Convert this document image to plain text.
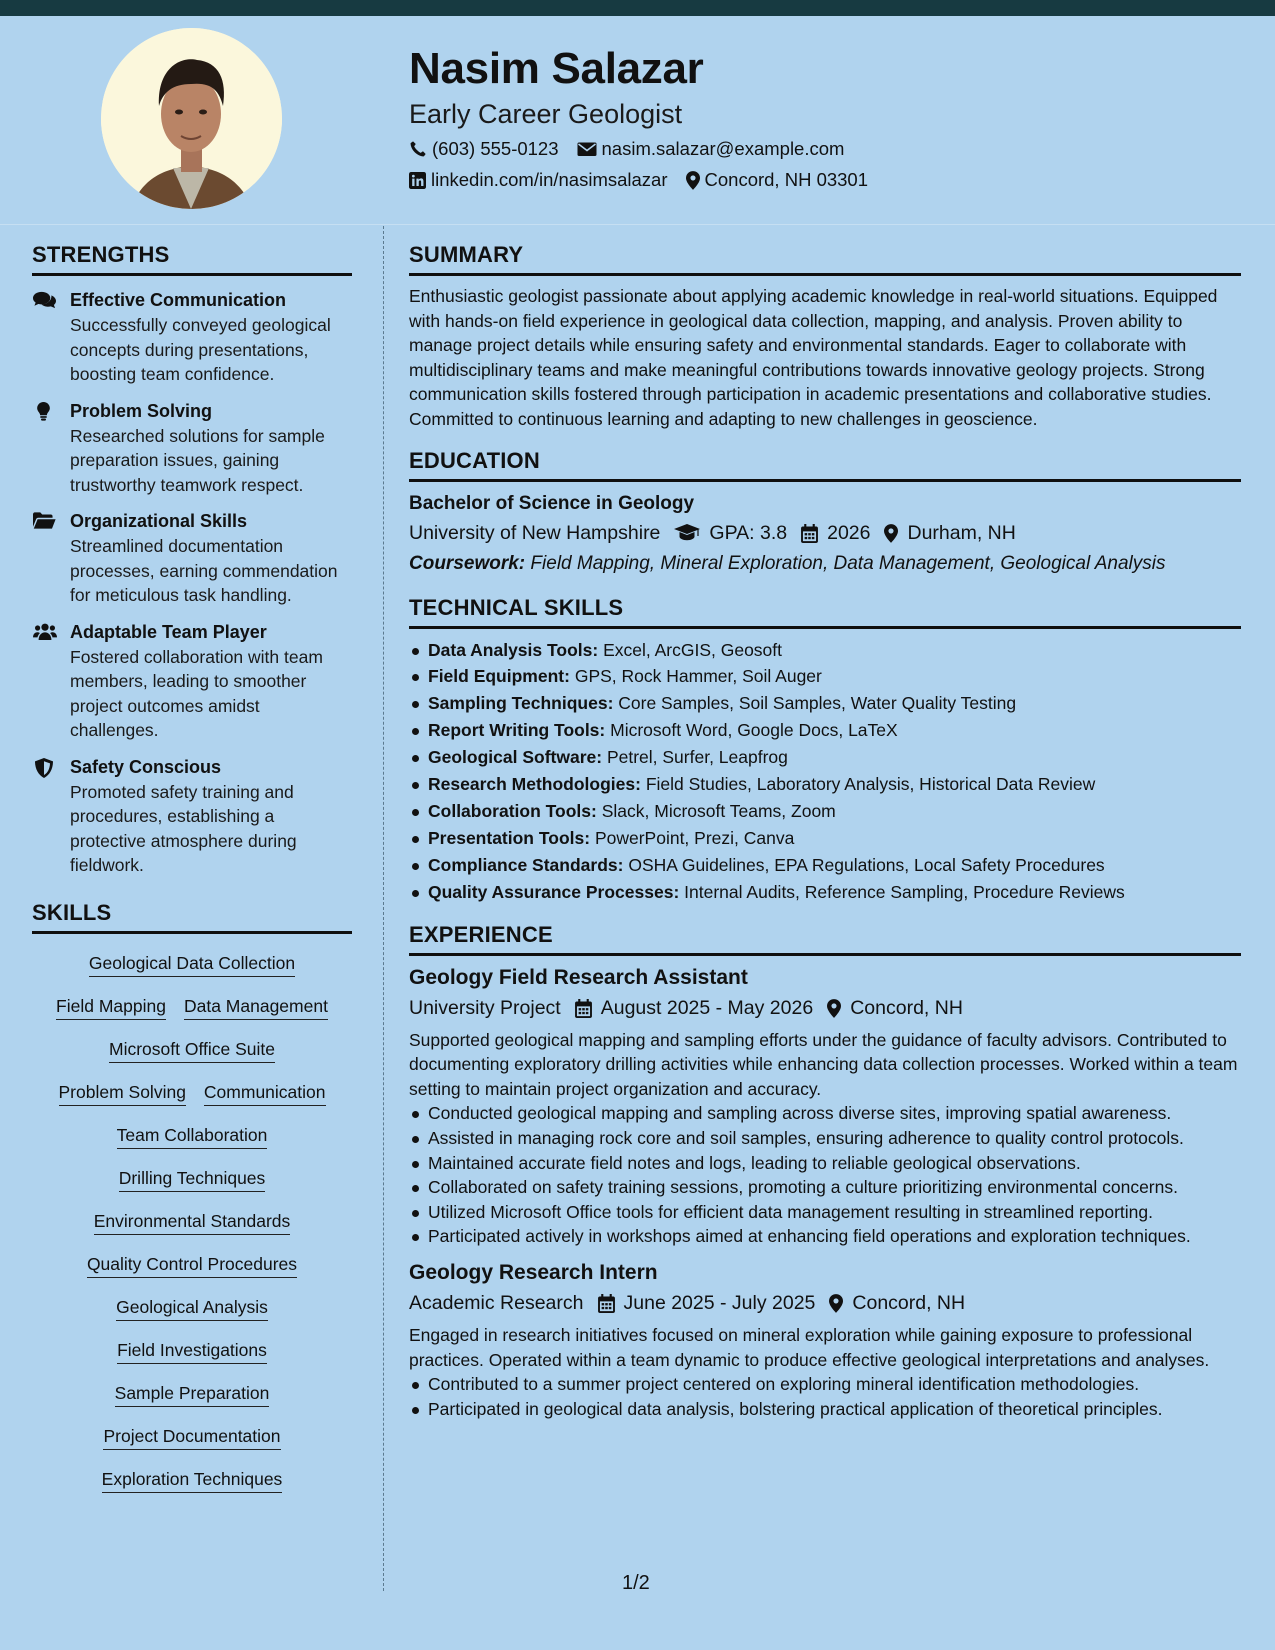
Nasim Salazar
Early Career Geologist
(603) 555-0123 nasim.salazar@example.com
linkedin.com/in/nasimsalazar Concord, NH 03301
STRENGTHS
Effective Communication
Successfully conveyed geological concepts during presentations, boosting team confidence.
Problem Solving
Researched solutions for sample preparation issues, gaining trustworthy teamwork respect.
Organizational Skills
Streamlined documentation processes, earning commendation for meticulous task handling.
Adaptable Team Player
Fostered collaboration with team members, leading to smoother project outcomes amidst challenges.
Safety Conscious
Promoted safety training and procedures, establishing a protective atmosphere during fieldwork.
SKILLS
Geological Data Collection
Field Mapping Data Management
Microsoft Office Suite
Problem Solving Communication
Team Collaboration
Drilling Techniques
Environmental Standards
Quality Control Procedures
Geological Analysis
Field Investigations
Sample Preparation
Project Documentation
Exploration Techniques
SUMMARY
Enthusiastic geologist passionate about applying academic knowledge in real-world situations. Equipped with hands-on field experience in geological data collection, mapping, and analysis. Proven ability to manage project details while ensuring safety and environmental standards. Eager to collaborate with multidisciplinary teams and make meaningful contributions towards innovative geology projects. Strong communication skills fostered through participation in academic presentations and collaborative studies. Committed to continuous learning and adapting to new challenges in geoscience.
EDUCATION
Bachelor of Science in Geology
University of New Hampshire	GPA: 3.8 2026 Durham, NH
Coursework: Field Mapping, Mineral Exploration, Data Management, Geological Analysis
TECHNICAL SKILLS
Data Analysis Tools: Excel, ArcGIS, Geosoft
Field Equipment: GPS, Rock Hammer, Soil Auger
Sampling Techniques: Core Samples, Soil Samples, Water Quality Testing
Report Writing Tools: Microsoft Word, Google Docs, LaTeX
Geological Software: Petrel, Surfer, Leapfrog
Research Methodologies: Field Studies, Laboratory Analysis, Historical Data Review
Collaboration Tools: Slack, Microsoft Teams, Zoom
Presentation Tools: PowerPoint, Prezi, Canva
Compliance Standards: OSHA Guidelines, EPA Regulations, Local Safety Procedures
Quality Assurance Processes: Internal Audits, Reference Sampling, Procedure Reviews
EXPERIENCE
Geology Field Research Assistant
University Project August 2025 - May 2026 Concord, NH
Supported geological mapping and sampling efforts under the guidance of faculty advisors. Contributed to documenting exploratory drilling activities while enhancing data collection processes. Worked within a team setting to maintain project organization and accuracy.
Conducted geological mapping and sampling across diverse sites, improving spatial awareness.
Assisted in managing rock core and soil samples, ensuring adherence to quality control protocols.
Maintained accurate field notes and logs, leading to reliable geological observations.
Collaborated on safety training sessions, promoting a culture prioritizing environmental concerns.
Utilized Microsoft Office tools for efficient data management resulting in streamlined reporting.
Participated actively in workshops aimed at enhancing field operations and exploration techniques.
Geology Research Intern
Academic Research June 2025 - July 2025 Concord, NH
Engaged in research initiatives focused on mineral exploration while gaining exposure to professional practices. Operated within a team dynamic to produce effective geological interpretations and analyses.
Contributed to a summer project centered on exploring mineral identification methodologies.
Participated in geological data analysis, bolstering practical application of theoretical principles.
1/2
